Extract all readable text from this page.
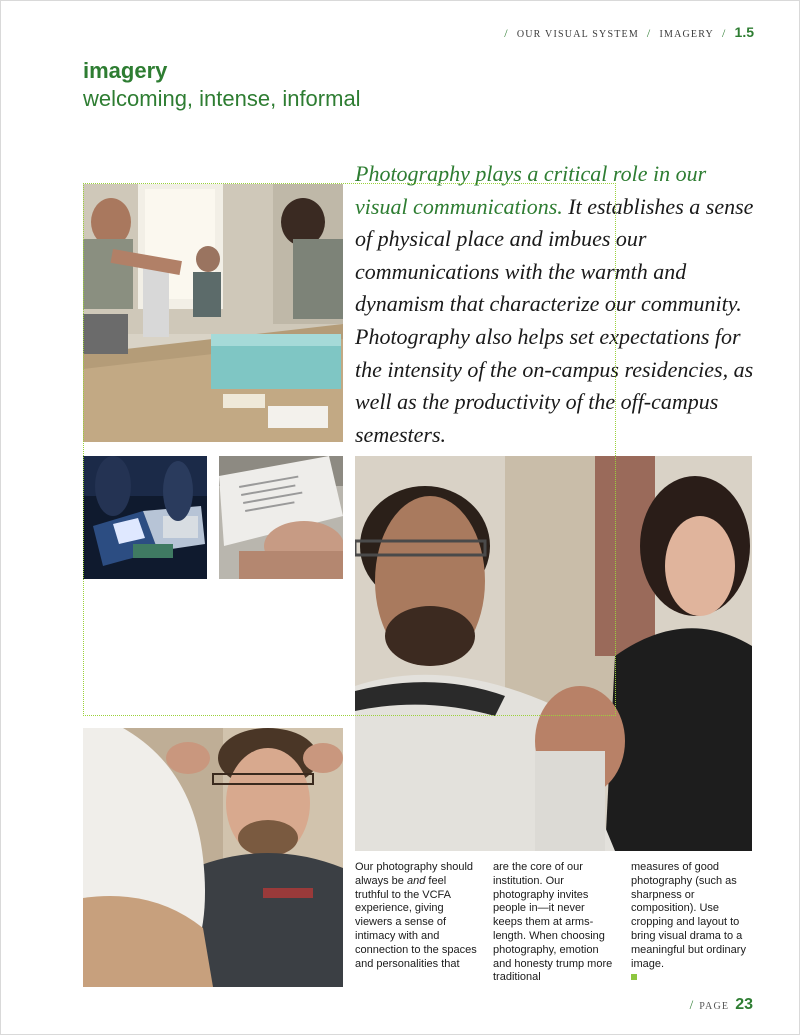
/ OUR VISUAL SYSTEM / IMAGERY / 1.5
imagery
welcoming, intense, informal
Photography plays a critical role in our visual communications. It establishes a sense of physical place and imbues our communications with the warmth and dynamism that characterize our community. Photography also helps set expectations for the intensity of the on-campus residencies, as well as the productivity of the off-campus semesters.
Our photography should always be and feel truthful to the VCFA experience, giving viewers a sense of intimacy with and connection to the spaces and personalities that
are the core of our institution. Our photography invites people in—it never keeps them at arms-length. When choosing photography, emotion and honesty trump more traditional
measures of good photography (such as sharpness or composition). Use cropping and layout to bring visual drama to a meaningful but ordinary image.

/ PAGE 23
